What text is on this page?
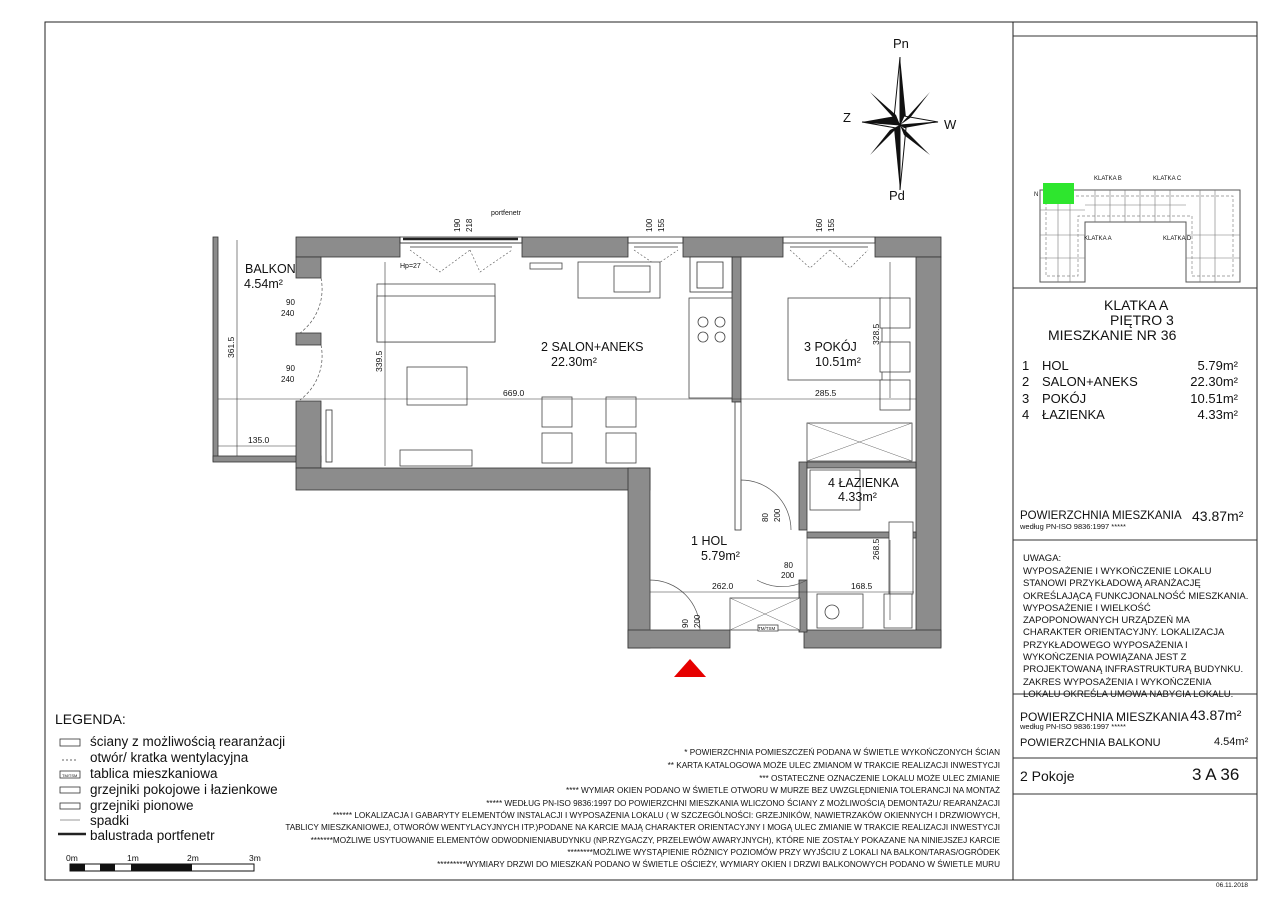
Pn
Pd
W
Z
KLATKA B	KLATKA C
KLATKA A	KLATKA D
N
2 SALON+ANEKS
22.30m²
3 POKÓJ
10.51m²
4 ŁAZIENKA
4.33m²
1 HOL
5.79m²
BALKON
4.54m²
669.0	285.5
135.0
262.0	168.5
Hp=27
portfenetr
TM/TSM
339.5
361.5
328.5
268.5
90
240
90
240
190 218	100 155	160 155
80 200
80
200
90 200
TM/TSM
0m	1m	2m	3m
KLATKA A
PIĘTRO 3
MIESZKANIE NR 36
1 HOL	5.79m²
2 SALON+ANEKS	22.30m²
3 POKÓJ	10.51m²
4 ŁAZIENKA	4.33m²
POWIERZCHNIA MIESZKANIA
według PN-ISO 9836:1997 *****
43.87m²
UWAGA:
WYPOSAŻENIE I WYKOŃCZENIE LOKALU STANOWI PRZYKŁADOWĄ ARANŻACJĘ OKREŚLAJĄCĄ FUNKCJONALNOŚĆ MIESZKANIA. WYPOSAŻENIE I WIELKOŚĆ ZAPOPONOWANYCH URZĄDZEŃ MA CHARAKTER ORIENTACYJNY. LOKALIZACJA PRZYKŁADOWEGO WYPOSAŻENIA I WYKOŃCZENIA POWIĄZANA JEST Z PROJEKTOWANĄ INFRASTRUKTURĄ BUDYNKU. ZAKRES WYPOSAŻENIA I WYKOŃCZENIA LOKALU OKREŚLA UMOWA NABYCIA LOKALU.
POWIERZCHNIA MIESZKANIA 43.87m²
według PN-ISO 9836:1997 *****
POWIERZCHNIA BALKONU	4.54m²
2 Pokoje	3 A 36
LEGENDA:
ściany z możliwością rearanżacji
otwór/ kratka wentylacyjna
tablica mieszkaniowa
grzejniki pokojowe i łazienkowe
grzejniki pionowe
spadki
balustrada portfenetr
* POWIERZCHNIA POMIESZCZEŃ PODANA W ŚWIETLE WYKOŃCZONYCH ŚCIAN
** KARTA KATALOGOWA MOŻE ULEC ZMIANOM W TRAKCIE REALIZACJI INWESTYCJI
*** OSTATECZNE OZNACZENIE LOKALU MOŻE ULEC ZMIANIE
**** WYMIAR OKIEN PODANO W ŚWIETLE OTWORU W MURZE BEZ UWZGLĘDNIENIA TOLERANCJI NA MONTAŻ
***** WEDŁUG PN-ISO 9836:1997 DO POWIERZCHNI MIESZKANIA WLICZONO ŚCIANY Z MOŻLIWOŚCIĄ DEMONTAŻU/ REARANŻACJI
****** LOKALIZACJA I GABARYTY ELEMENTÓW INSTALACJI I WYPOSAŻENIA LOKALU ( W SZCZEGÓLNOŚCI: GRZEJNIKÓW, NAWIETRZAKÓW OKIENNYCH I DRZWIOWYCH,
TABLICY MIESZKANIOWEJ, OTWORÓW WENTYLACYJNYCH ITP.)PODANE NA KARCIE MAJĄ CHARAKTER ORIENTACYJNY I MOGĄ ULEC ZMIANIE W TRAKCIE REALIZACJI INWESTYCJI
*******MOŻLIWE USYTUOWANIE ELEMENTÓW ODWODNIENIABUDYNKU (NP.RZYGACZY, PRZELEWÓW AWARYJNYCH), KTÓRE NIE ZOSTAŁY POKAZANE NA NINIEJSZEJ KARCIE
********MOŻLIWE WYSTĄPIENIE RÓŻNICY POZIOMÓW PRZY WYJŚCIU Z LOKALI NA BALKON/TARAS/OGRÓDEK
*********WYMIARY DRZWI DO MIESZKAŃ PODANO W ŚWIETLE OŚCIEŻY, WYMIARY OKIEN I DRZWI BALKONOWYCH PODANO W ŚWIETLE MURU
06.11.2018
